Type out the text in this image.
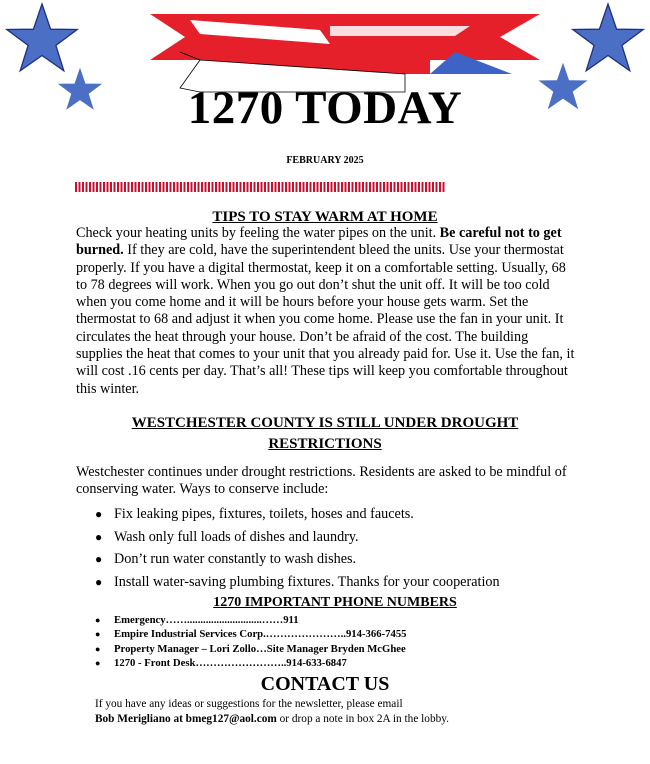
1270 TODAY
FEBRUARY 2025
TIPS TO STAY WARM AT HOME
Check your heating units by feeling the water pipes on the unit. Be careful not to get burned. If they are cold, have the superintendent bleed the units. Use your thermostat properly. If you have a digital thermostat, keep it on a comfortable setting. Usually, 68 to 78 degrees will work. When you go out don’t shut the unit off. It will be too cold when you come home and it will be hours before your house gets warm. Set the thermostat to 68 and adjust it when you come home. Please use the fan in your unit. It circulates the heat through your house. Don’t be afraid of the cost. The building supplies the heat that comes to your unit that you already paid for. Use it. Use the fan, it will cost .16 cents per day. That’s all! These tips will keep you comfortable throughout this winter.
WESTCHESTER COUNTY IS STILL UNDER DROUGHT RESTRICTIONS
Westchester continues under drought restrictions. Residents are asked to be mindful of conserving water. Ways to conserve include:
● Fix leaking pipes, fixtures, toilets, hoses and faucets.
● Wash only full loads of dishes and laundry.
● Don’t run water constantly to wash dishes.
● Install water-saving plumbing fixtures. Thanks for your cooperation
1270 IMPORTANT PHONE NUMBERS
● Emergency……............................……911
● Empire Industrial Services Corp.…………………..914-366-7455
● Property Manager – Lori Zollo…Site Manager Bryden McGhee
● 1270 - Front Desk……………………..914-633-6847
CONTACT US
If you have any ideas or suggestions for the newsletter, please email
Bob Merigliano at bmeg127@aol.com or drop a note in box 2A in the lobby.
